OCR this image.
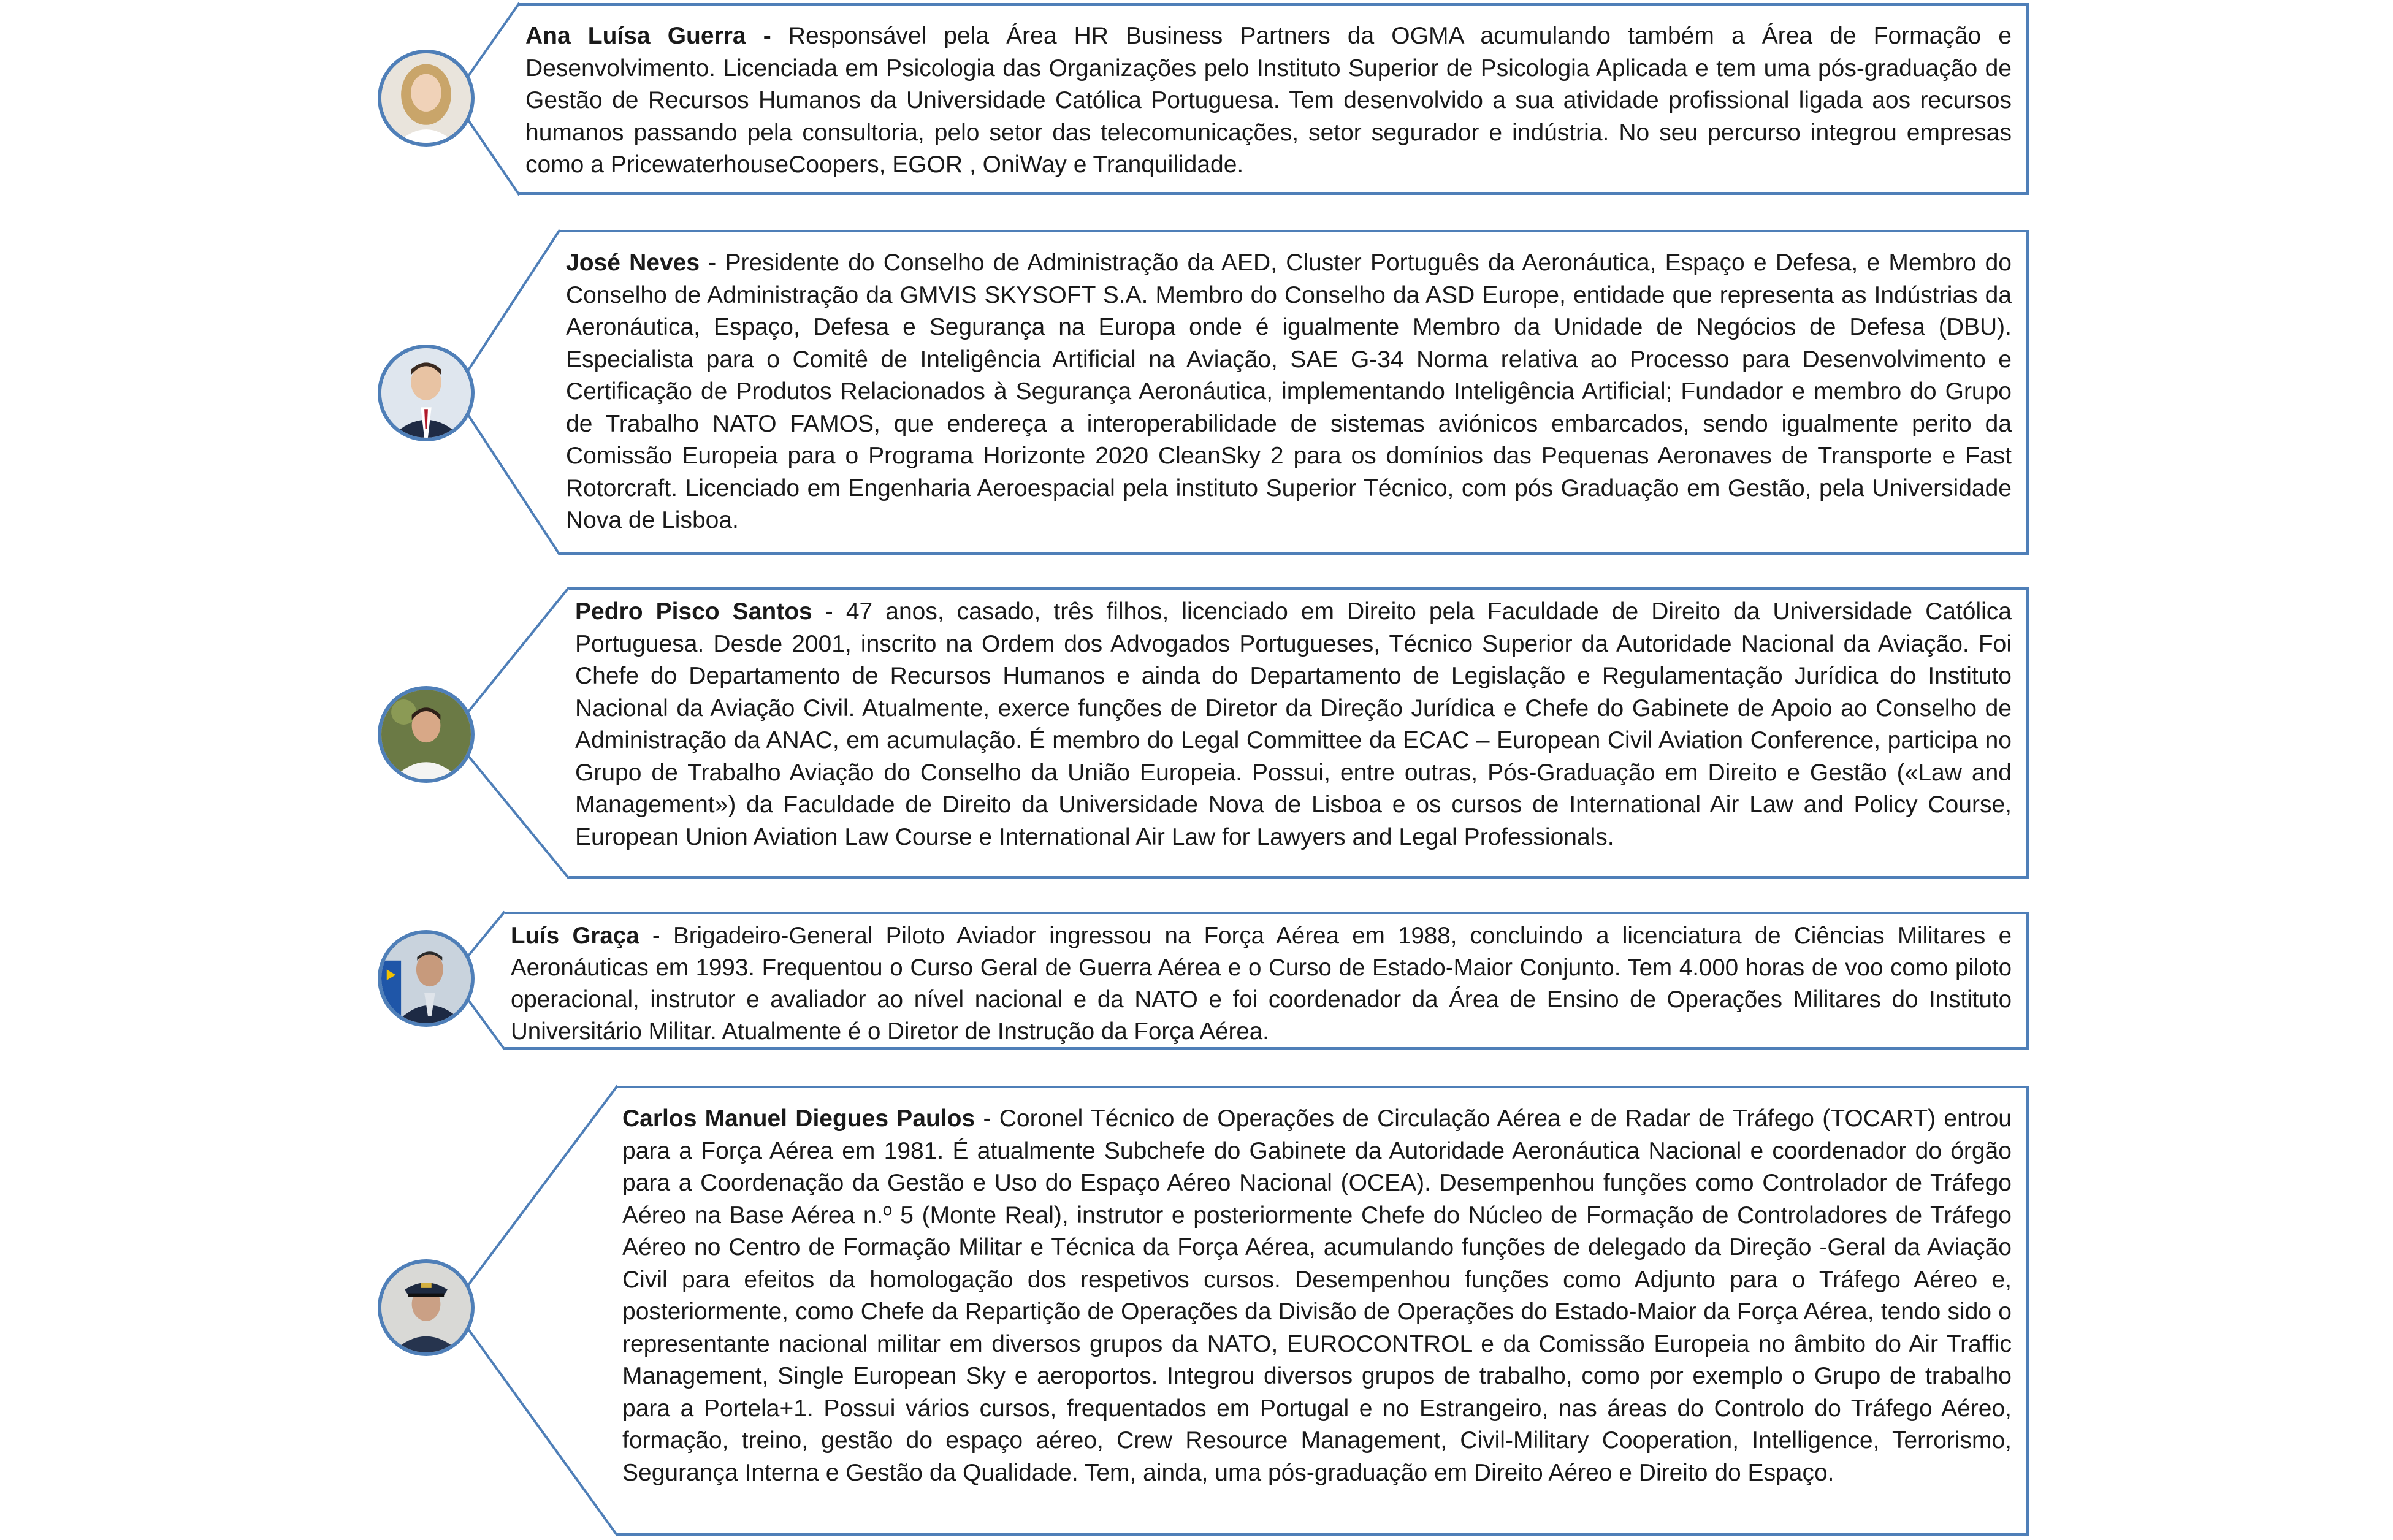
Ana Luísa Guerra - Responsável pela Área HR Business Partners da OGMA acumulando também a Área de Formação e Desenvolvimento. Licenciada em Psicologia das Organizações pelo Instituto Superior de Psicologia Aplicada e tem uma pós-graduação de Gestão de Recursos Humanos da Universidade Católica Portuguesa. Tem desenvolvido a sua atividade profissional ligada aos recursos humanos passando pela consultoria, pelo setor das telecomunicações, setor segurador e indústria. No seu percurso integrou empresas como a PricewaterhouseCoopers, EGOR , OniWay e Tranquilidade.

José Neves - Presidente do Conselho de Administração da AED, Cluster Português da Aeronáutica, Espaço e Defesa, e Membro do Conselho de Administração da GMVIS SKYSOFT S.A. Membro do Conselho da ASD Europe, entidade que representa as Indústrias da Aeronáutica, Espaço, Defesa e Segurança na Europa onde é igualmente Membro da Unidade de Negócios de Defesa (DBU). Especialista para o Comitê de Inteligência Artificial na Aviação, SAE G-34 Norma relativa ao Processo para Desenvolvimento e Certificação de Produtos Relacionados à Segurança Aeronáutica, implementando Inteligência Artificial; Fundador e membro do Grupo de Trabalho NATO FAMOS, que endereça a interoperabilidade de sistemas aviónicos embarcados, sendo igualmente perito da Comissão Europeia para o Programa Horizonte 2020 CleanSky 2 para os domínios das Pequenas Aeronaves de Transporte e Fast Rotorcraft. Licenciado em Engenharia Aeroespacial pela instituto Superior Técnico, com pós Graduação em Gestão, pela Universidade Nova de Lisboa.

Pedro Pisco Santos - 47 anos, casado, três filhos, licenciado em Direito pela Faculdade de Direito da Universidade Católica Portuguesa. Desde 2001, inscrito na Ordem dos Advogados Portugueses, Técnico Superior da Autoridade Nacional da Aviação. Foi Chefe do Departamento de Recursos Humanos e ainda do Departamento de Legislação e Regulamentação Jurídica do Instituto Nacional da Aviação Civil. Atualmente, exerce funções de Diretor da Direção Jurídica e Chefe do Gabinete de Apoio ao Conselho de Administração da ANAC, em acumulação. É membro do Legal Committee da ECAC – European Civil Aviation Conference, participa no Grupo de Trabalho Aviação do Conselho da União Europeia. Possui, entre outras, Pós-Graduação em Direito e Gestão («Law and Management») da Faculdade de Direito da Universidade Nova de Lisboa e os cursos de International Air Law and Policy Course, European Union Aviation Law Course e International Air Law for Lawyers and Legal Professionals.

Luís Graça - Brigadeiro-General Piloto Aviador ingressou na Força Aérea em 1988, concluindo a licenciatura de Ciências Militares e Aeronáuticas em 1993. Frequentou o Curso Geral de Guerra Aérea e o Curso de Estado-Maior Conjunto. Tem 4.000 horas de voo como piloto operacional, instrutor e avaliador ao nível nacional e da NATO e foi coordenador da Área de Ensino de Operações Militares do Instituto Universitário Militar. Atualmente é o Diretor de Instrução da Força Aérea.

Carlos Manuel Diegues Paulos - Coronel Técnico de Operações de Circulação Aérea e de Radar de Tráfego (TOCART) entrou para a Força Aérea em 1981. É atualmente Subchefe do Gabinete da Autoridade Aeronáutica Nacional e coordenador do órgão para a Coordenação da Gestão e Uso do Espaço Aéreo Nacional (OCEA). Desempenhou funções como Controlador de Tráfego Aéreo na Base Aérea n.º 5 (Monte Real), instrutor e posteriormente Chefe do Núcleo de Formação de Controladores de Tráfego Aéreo no Centro de Formação Militar e Técnica da Força Aérea, acumulando funções de delegado da Direção -Geral da Aviação Civil para efeitos da homologação dos respetivos cursos. Desempenhou funções como Adjunto para o Tráfego Aéreo e, posteriormente, como Chefe da Repartição de Operações da Divisão de Operações do Estado-Maior da Força Aérea, tendo sido o representante nacional militar em diversos grupos da NATO, EUROCONTROL e da Comissão Europeia no âmbito do Air Traffic Management, Single European Sky e aeroportos. Integrou diversos grupos de trabalho, como por exemplo o Grupo de trabalho para a Portela+1. Possui vários cursos, frequentados em Portugal e no Estrangeiro, nas áreas do Controlo do Tráfego Aéreo, formação, treino, gestão do espaço aéreo, Crew Resource Management, Civil-Military Cooperation, Intelligence, Terrorismo, Segurança Interna e Gestão da Qualidade. Tem, ainda, uma pós-graduação em Direito Aéreo e Direito do Espaço.
